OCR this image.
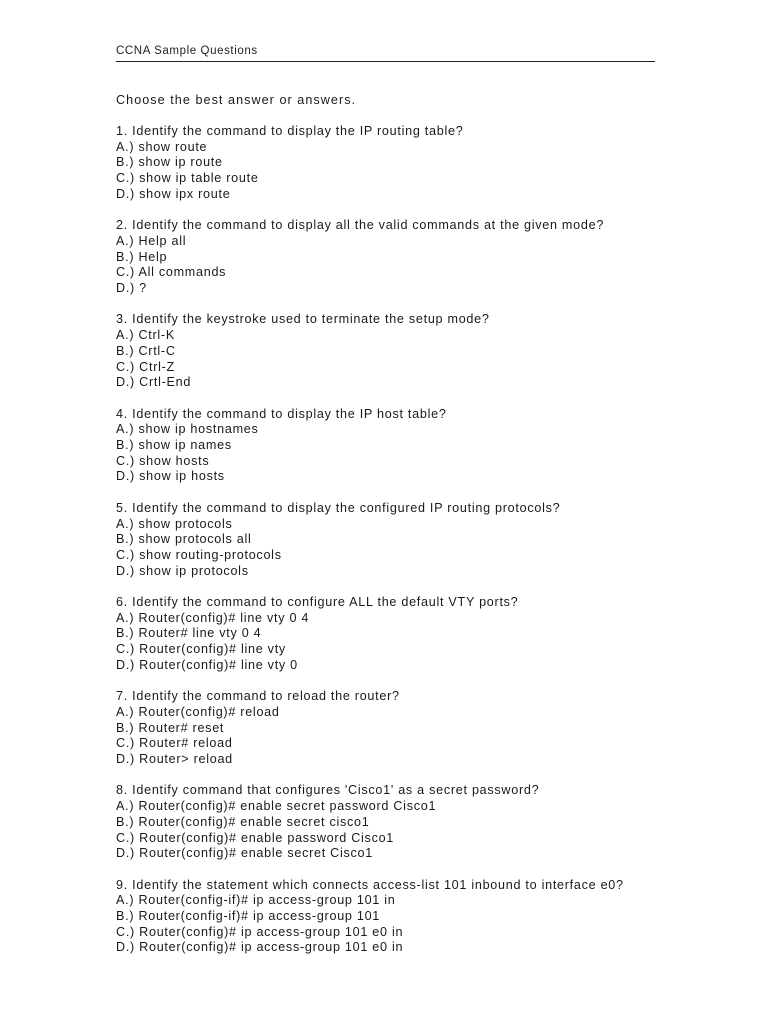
CCNA Sample Questions
Choose the best answer or answers.
1. Identify the command to display the IP routing table?
A.) show route
B.) show ip route
C.) show ip table route
D.) show ipx route
2. Identify the command to display all the valid commands at the given mode?
A.) Help all
B.) Help
C.) All commands
D.) ?
3. Identify the keystroke used to terminate the setup mode?
A.) Ctrl-K
B.) Crtl-C
C.) Ctrl-Z
D.) Crtl-End
4. Identify the command to display the IP host table?
A.) show ip hostnames
B.) show ip names
C.) show hosts
D.) show ip hosts
5. Identify the command to display the configured IP routing protocols?
A.) show protocols
B.) show protocols all
C.) show routing-protocols
D.) show ip protocols
6. Identify the command to configure ALL the default VTY ports?
A.) Router(config)# line vty 0 4
B.) Router# line vty 0 4
C.) Router(config)# line vty
D.) Router(config)# line vty 0
7. Identify the command to reload the router?
A.) Router(config)# reload
B.) Router# reset
C.) Router# reload
D.) Router> reload
8. Identify command that configures 'Cisco1' as a secret password?
A.) Router(config)# enable secret password Cisco1
B.) Router(config)# enable secret cisco1
C.) Router(config)# enable password Cisco1
D.) Router(config)# enable secret Cisco1
9. Identify the statement which connects access-list 101 inbound to interface e0?
A.) Router(config-if)# ip access-group 101 in
B.) Router(config-if)# ip access-group 101
C.) Router(config)# ip access-group 101 e0 in
D.) Router(config)# ip access-group 101 e0 in
